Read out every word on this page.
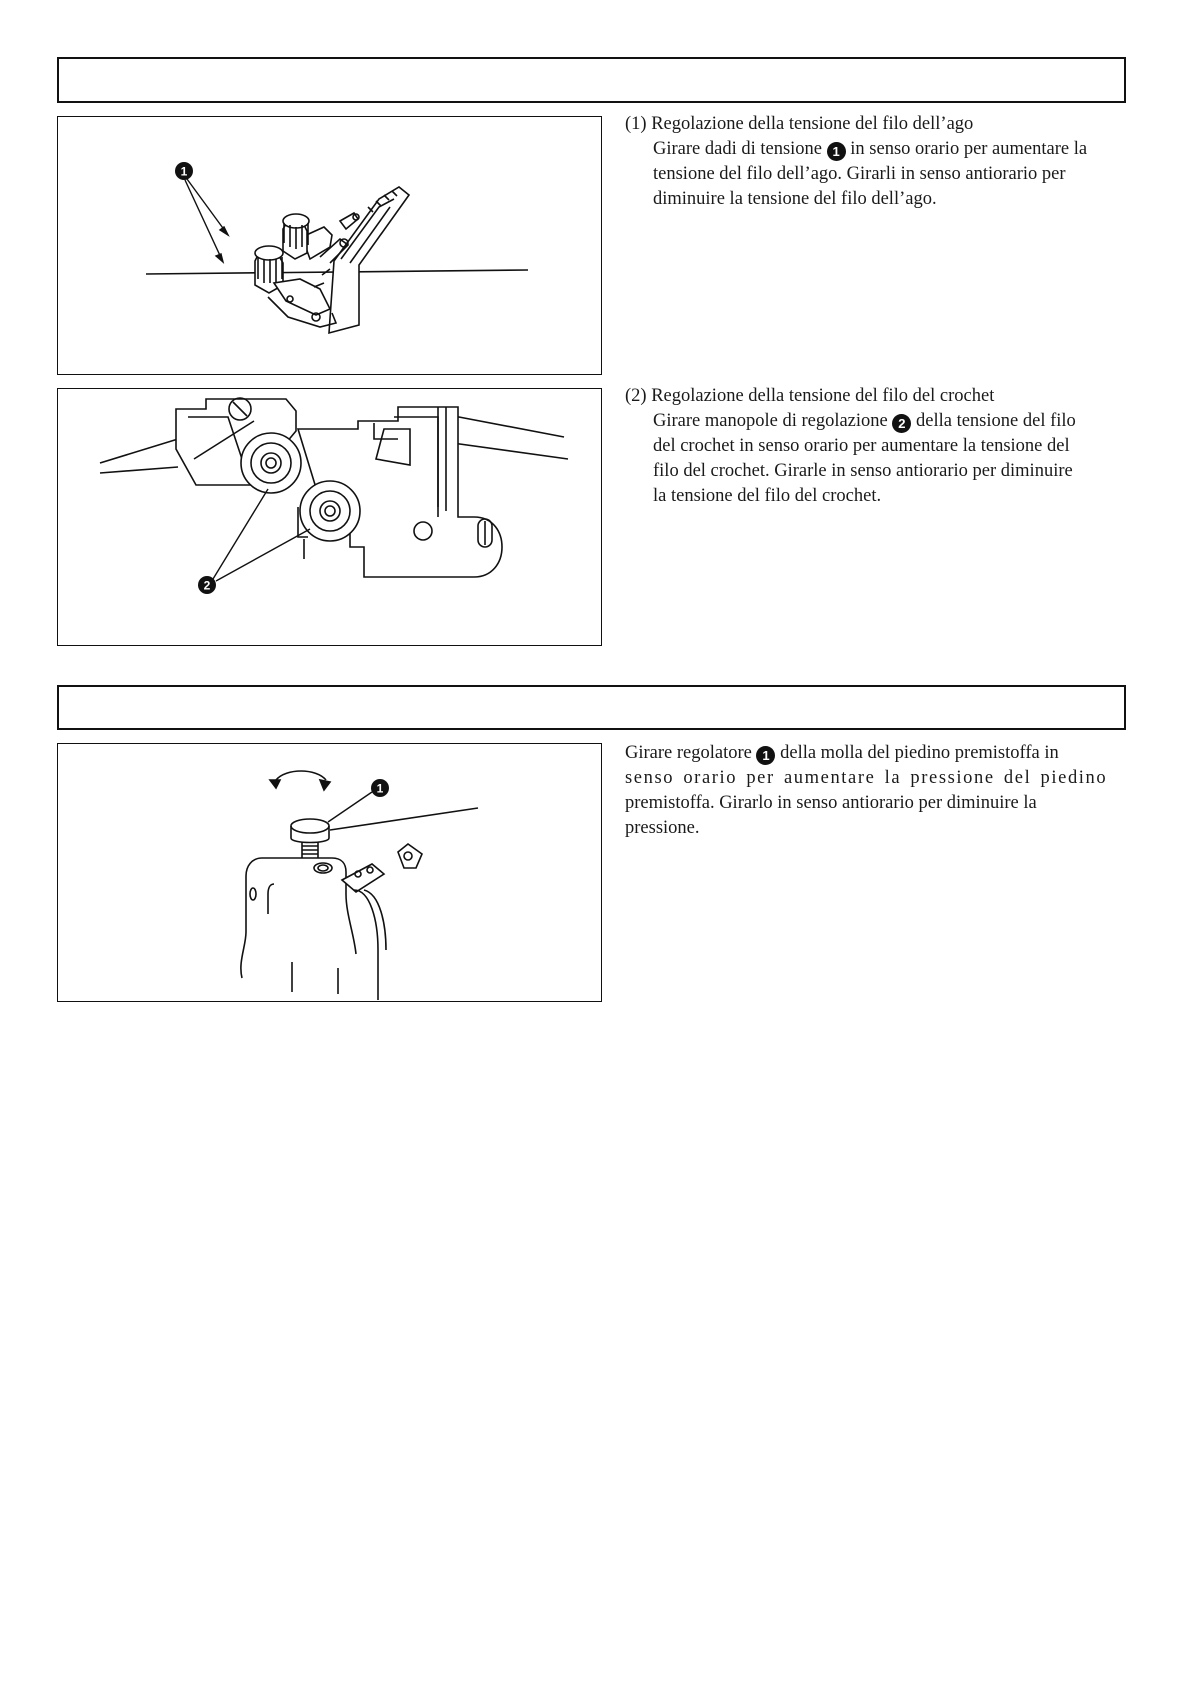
1

(1) Regolazione della tensione del filo dell’ago

Girare dadi di tensione 1 in senso orario per aumentare la
tensione del filo dell’ago. Girarli in senso antiorario per
diminuire la tensione del filo dell’ago.

2

(2) Regolazione della tensione del filo del crochet

Girare manopole di regolazione 2 della tensione del filo
del crochet in senso orario per aumentare la tensione del
filo del crochet. Girarle in senso antiorario per diminuire
la tensione del filo del crochet.

1

Girare regolatore 1 della molla del piedino premistoffa in
senso orario per aumentare la pressione del piedino
premistoffa. Girarlo in senso antiorario per diminuire la
pressione.
